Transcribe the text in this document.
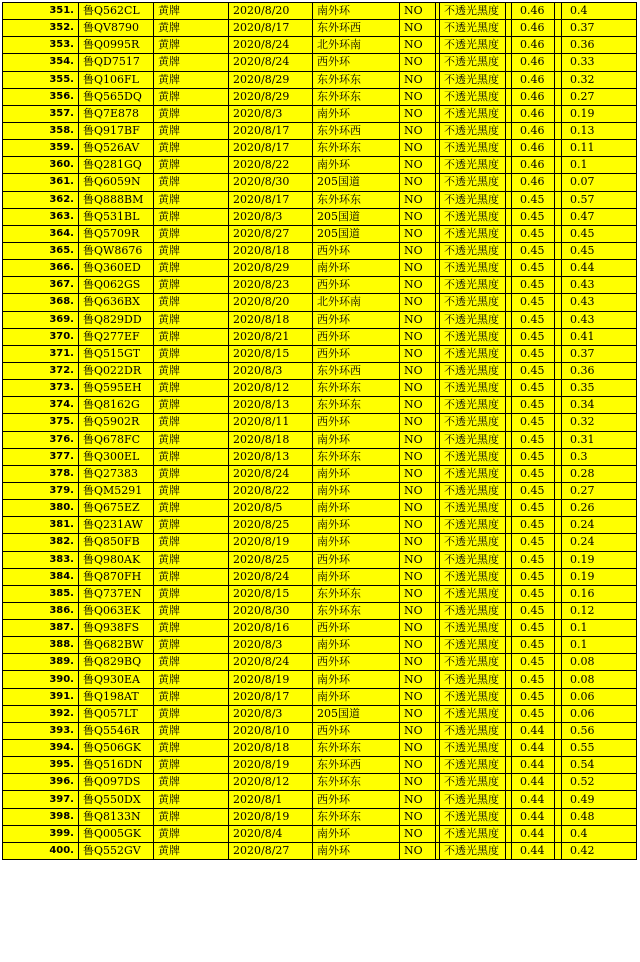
351.	鲁Q562CL	黄牌	2020/8/20	南外环	NO		不透光黑度		0.46		0.4
352.	鲁QV8790	黄牌	2020/8/17	东外环西	NO		不透光黑度		0.46		0.37
353.	鲁Q0995R	黄牌	2020/8/24	北外环南	NO		不透光黑度		0.46		0.36
354.	鲁QD7517	黄牌	2020/8/24	西外环	NO		不透光黑度		0.46		0.33
355.	鲁Q106FL	黄牌	2020/8/29	东外环东	NO		不透光黑度		0.46		0.32
356.	鲁Q565DQ	黄牌	2020/8/29	东外环东	NO		不透光黑度		0.46		0.27
357.	鲁Q7E878	黄牌	2020/8/3	南外环	NO		不透光黑度		0.46		0.19
358.	鲁Q917BF	黄牌	2020/8/17	东外环西	NO		不透光黑度		0.46		0.13
359.	鲁Q526AV	黄牌	2020/8/17	东外环东	NO		不透光黑度		0.46		0.11
360.	鲁Q281GQ	黄牌	2020/8/22	南外环	NO		不透光黑度		0.46		0.1
361.	鲁Q6059N	黄牌	2020/8/30	205国道	NO		不透光黑度		0.46		0.07
362.	鲁Q888BM	黄牌	2020/8/17	东外环东	NO		不透光黑度		0.45		0.57
363.	鲁Q531BL	黄牌	2020/8/3	205国道	NO		不透光黑度		0.45		0.47
364.	鲁Q5709R	黄牌	2020/8/27	205国道	NO		不透光黑度		0.45		0.45
365.	鲁QW8676	黄牌	2020/8/18	西外环	NO		不透光黑度		0.45		0.45
366.	鲁Q360ED	黄牌	2020/8/29	南外环	NO		不透光黑度		0.45		0.44
367.	鲁Q062GS	黄牌	2020/8/23	西外环	NO		不透光黑度		0.45		0.43
368.	鲁Q636BX	黄牌	2020/8/20	北外环南	NO		不透光黑度		0.45		0.43
369.	鲁Q829DD	黄牌	2020/8/18	西外环	NO		不透光黑度		0.45		0.43
370.	鲁Q277EF	黄牌	2020/8/21	西外环	NO		不透光黑度		0.45		0.41
371.	鲁Q515GT	黄牌	2020/8/15	西外环	NO		不透光黑度		0.45		0.37
372.	鲁Q022DR	黄牌	2020/8/3	东外环西	NO		不透光黑度		0.45		0.36
373.	鲁Q595EH	黄牌	2020/8/12	东外环东	NO		不透光黑度		0.45		0.35
374.	鲁Q8162G	黄牌	2020/8/13	东外环东	NO		不透光黑度		0.45		0.34
375.	鲁Q5902R	黄牌	2020/8/11	西外环	NO		不透光黑度		0.45		0.32
376.	鲁Q678FC	黄牌	2020/8/18	南外环	NO		不透光黑度		0.45		0.31
377.	鲁Q300EL	黄牌	2020/8/13	东外环东	NO		不透光黑度		0.45		0.3
378.	鲁Q27383	黄牌	2020/8/24	南外环	NO		不透光黑度		0.45		0.28
379.	鲁QM5291	黄牌	2020/8/22	南外环	NO		不透光黑度		0.45		0.27
380.	鲁Q675EZ	黄牌	2020/8/5	南外环	NO		不透光黑度		0.45		0.26
381.	鲁Q231AW	黄牌	2020/8/25	南外环	NO		不透光黑度		0.45		0.24
382.	鲁Q850FB	黄牌	2020/8/19	南外环	NO		不透光黑度		0.45		0.24
383.	鲁Q980AK	黄牌	2020/8/25	西外环	NO		不透光黑度		0.45		0.19
384.	鲁Q870FH	黄牌	2020/8/24	南外环	NO		不透光黑度		0.45		0.19
385.	鲁Q737EN	黄牌	2020/8/15	东外环东	NO		不透光黑度		0.45		0.16
386.	鲁Q063EK	黄牌	2020/8/30	东外环东	NO		不透光黑度		0.45		0.12
387.	鲁Q938FS	黄牌	2020/8/16	西外环	NO		不透光黑度		0.45		0.1
388.	鲁Q682BW	黄牌	2020/8/3	南外环	NO		不透光黑度		0.45		0.1
389.	鲁Q829BQ	黄牌	2020/8/24	西外环	NO		不透光黑度		0.45		0.08
390.	鲁Q930EA	黄牌	2020/8/19	南外环	NO		不透光黑度		0.45		0.08
391.	鲁Q198AT	黄牌	2020/8/17	南外环	NO		不透光黑度		0.45		0.06
392.	鲁Q057LT	黄牌	2020/8/3	205国道	NO		不透光黑度		0.45		0.06
393.	鲁Q5546R	黄牌	2020/8/10	西外环	NO		不透光黑度		0.44		0.56
394.	鲁Q506GK	黄牌	2020/8/18	东外环东	NO		不透光黑度		0.44		0.55
395.	鲁Q516DN	黄牌	2020/8/19	东外环西	NO		不透光黑度		0.44		0.54
396.	鲁Q097DS	黄牌	2020/8/12	东外环东	NO		不透光黑度		0.44		0.52
397.	鲁Q550DX	黄牌	2020/8/1	西外环	NO		不透光黑度		0.44		0.49
398.	鲁Q8133N	黄牌	2020/8/19	东外环东	NO		不透光黑度		0.44		0.48
399.	鲁Q005GK	黄牌	2020/8/4	南外环	NO		不透光黑度		0.44		0.4
400.	鲁Q552GV	黄牌	2020/8/27	南外环	NO		不透光黑度		0.44		0.42
